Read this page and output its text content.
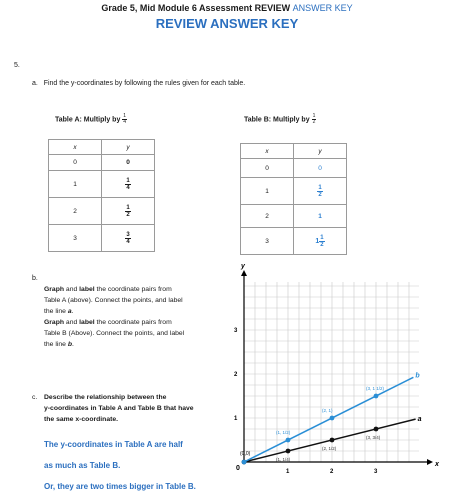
Grade 5, Mid Module 6 Assessment REVIEW ANSWER KEY
REVIEW ANSWER KEY
5.
a. Find the y-coordinates by following the rules given for each table.
Table A: Multiply by $\frac{1}{4}$
x	y
0	0
1	$\frac{1}{4}$

2	$\frac{1}{2}$

3	$\frac{3}{4}$
Table B: Multiply by $\frac{1}{2}$
x	y
0	0
1	$\frac{1}{2}$

2	1
3	$1 \frac{1}{2}$
b.
Graph and label the coordinate pairs from
Table A (above). Connect the points, and label
the line a.
Graph and label the coordinate pairs from
Table B (Above). Connect the points, and label
the line b.
c. Describe the relationship between the
y-coordinates in Table A and Table B that have
the same x-coordinate.
The y-coordinates in Table A are half
as much as Table B.
Or, they are two times bigger in Table B.
x
y
0	1	2	3
1
2
3
a
b
(0,0)
(1, 1/4)
(2, 1/2)
(3, 3/4)
(1, 1/2)
(2, 1)
(3, 1 1/2)
